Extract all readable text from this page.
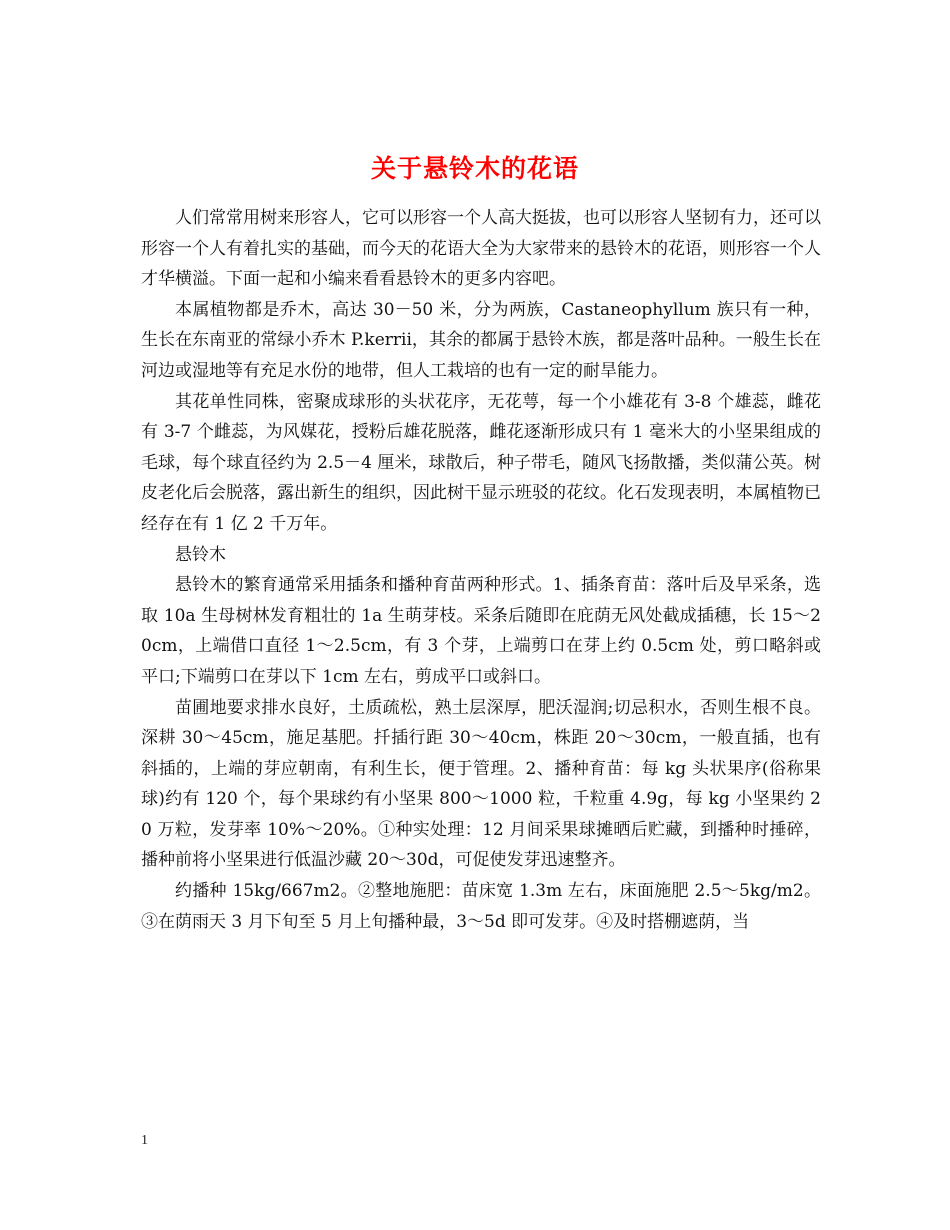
关于悬铃木的花语

人们常常用树来形容人，它可以形容一个人高大挺拔，也可以形容人坚韧有力，还可以形容一个人有着扎实的基础，而今天的花语大全为大家带来的悬铃木的花语，则形容一个人才华横溢。下面一起和小编来看看悬铃木的更多内容吧。

本属植物都是乔木，高达 30－50 米，分为两族，Castaneophyllum 族只有一种，生长在东南亚的常绿小乔木 P.kerrii，其余的都属于悬铃木族，都是落叶品种。一般生长在河边或湿地等有充足水份的地带，但人工栽培的也有一定的耐旱能力。

其花单性同株，密聚成球形的头状花序，无花萼，每一个小雄花有 3-8 个雄蕊，雌花有 3-7 个雌蕊，为风媒花，授粉后雄花脱落，雌花逐渐形成只有 1 毫米大的小坚果组成的毛球，每个球直径约为 2.5－4 厘米，球散后，种子带毛，随风飞扬散播，类似蒲公英。树皮老化后会脱落，露出新生的组织，因此树干显示班驳的花纹。化石发现表明，本属植物已经存在有 1 亿 2 千万年。

悬铃木

悬铃木的繁育通常采用插条和播种育苗两种形式。1、插条育苗：落叶后及早采条，选取 10a 生母树林发育粗壮的 1a 生萌芽枝。采条后随即在庇荫无风处截成插穗，长 15～20cm，上端借口直径 1～2.5cm，有 3 个芽，上端剪口在芽上约 0.5cm 处，剪口略斜或平口;下端剪口在芽以下 1cm 左右，剪成平口或斜口。

苗圃地要求排水良好，土质疏松，熟土层深厚，肥沃湿润;切忌积水，否则生根不良。深耕 30～45cm，施足基肥。扦插行距 30～40cm，株距 20～30cm，一般直插，也有斜插的，上端的芽应朝南，有利生长，便于管理。2、播种育苗：每 kg 头状果序(俗称果球)约有 120 个，每个果球约有小坚果 800～1000 粒，千粒重 4.9g，每 kg 小坚果约 20 万粒，发芽率 10%～20%。①种实处理：12 月间采果球摊晒后贮藏，到播种时捶碎，播种前将小坚果进行低温沙藏 20～30d，可促使发芽迅速整齐。

约播种 15kg/667m2。②整地施肥：苗床宽 1.3m 左右，床面施肥 2.5～5kg/m2。③在荫雨天 3 月下旬至 5 月上旬播种最，3～5d 即可发芽。④及时搭棚遮荫，当

1
